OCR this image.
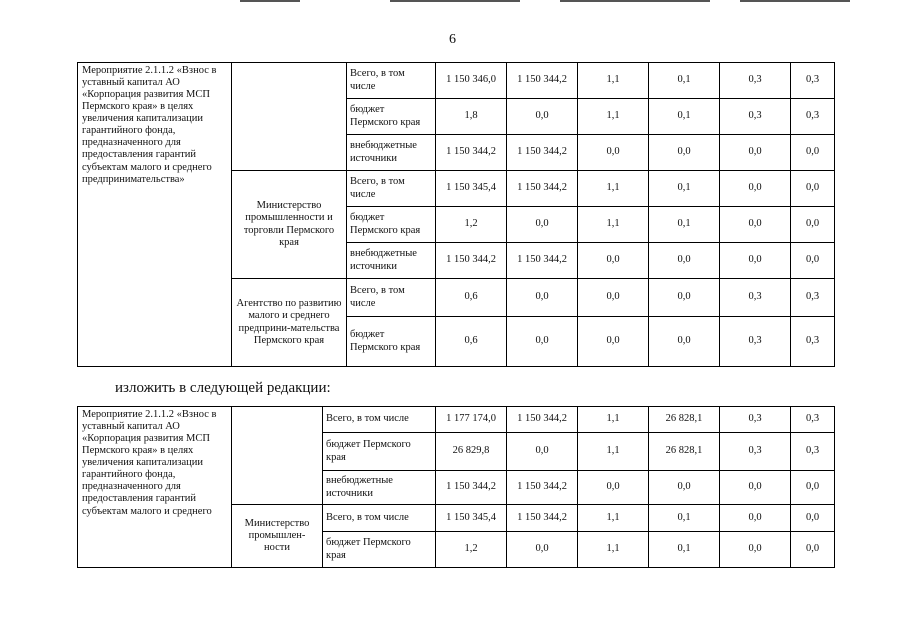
6
Мероприятие 2.1.1.2 «Взнос в уставный капитал АО «Корпорация развития МСП Пермского края» в целях увеличения капитализации гарантийного фонда, предназначенного для предоставления гарантий субъектам малого и среднего предпринимательства»		Всего, в том числе	1 150 346,0	1 150 344,2	1,1	0,1	0,3	0,3	
		бюджет Пермского края	1,8	0,0	1,1	0,1	0,3	0,3	
		внебюджетные источники	1 150 344,2	1 150 344,2	0,0	0,0	0,0	0,0	
	Министерство промышленности и торговли Пермского края	Всего, в том числе	1 150 345,4	1 150 344,2	1,1	0,1	0,0	0,0	
		бюджет Пермского края	1,2	0,0	1,1	0,1	0,0	0,0	
		внебюджетные источники	1 150 344,2	1 150 344,2	0,0	0,0	0,0	0,0	
	Агентство по развитию малого и среднего предприни-мательства Пермского края	Всего, в том числе	0,6	0,0	0,0	0,0	0,3	0,3	
		бюджет Пермского края	0,6	0,0	0,0	0,0	0,3	0,3	
изложить в следующей редакции:
Мероприятие 2.1.1.2 «Взнос в уставный капитал АО «Корпорация развития МСП Пермского края» в целях увеличения капитализации гарантийного фонда, предназначенного для предоставления гарантий субъектам малого и среднего		Всего, в том числе	1 177 174,0	1 150 344,2	1,1	26 828,1	0,3	0,3	
		бюджет Пермского края	26 829,8	0,0	1,1	26 828,1	0,3	0,3	
		внебюджетные источники	1 150 344,2	1 150 344,2	0,0	0,0	0,0	0,0	
	Министерство промышлен-ности	Всего, в том числе	1 150 345,4	1 150 344,2	1,1	0,1	0,0	0,0	
		бюджет Пермского края	1,2	0,0	1,1	0,1	0,0	0,0	
